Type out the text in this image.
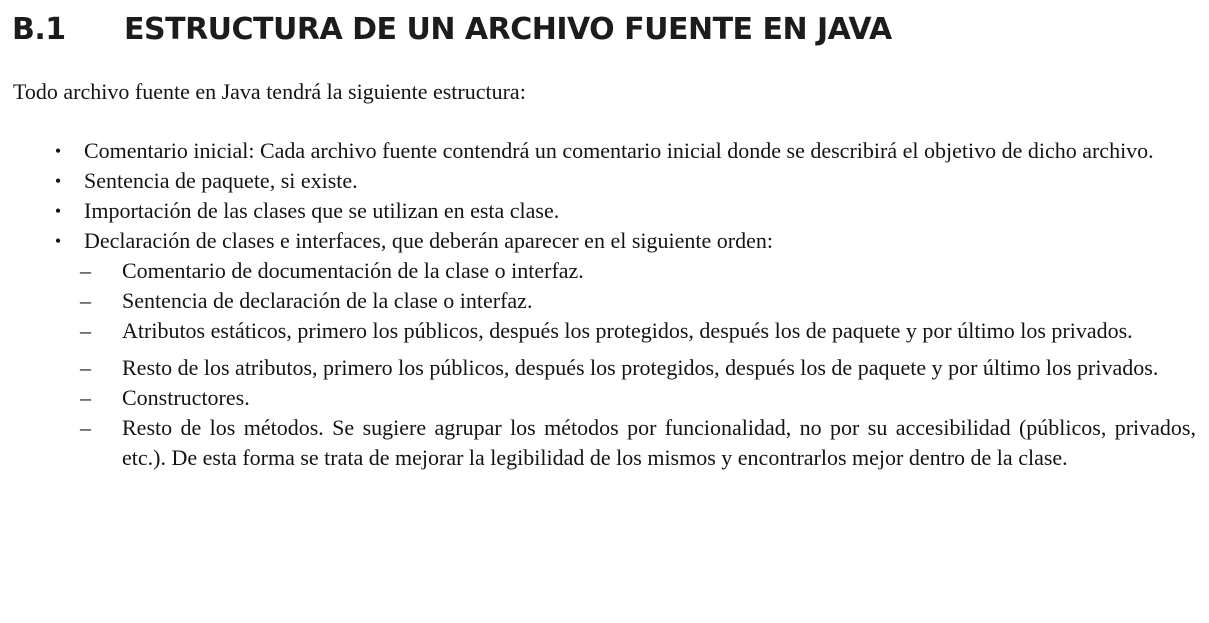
B.1 ESTRUCTURA DE UN ARCHIVO FUENTE EN JAVA
Todo archivo fuente en Java tendrá la siguiente estructura:
• Comentario inicial: Cada archivo fuente contendrá un comentario inicial donde se describirá el objetivo de dicho archivo.
• Sentencia de paquete, si existe.
• Importación de las clases que se utilizan en esta clase.
• Declaración de clases e interfaces, que deberán aparecer en el siguiente orden:
– Comentario de documentación de la clase o interfaz.
– Sentencia de declaración de la clase o interfaz.
– Atributos estáticos, primero los públicos, después los protegidos, después los de paquete y por último los privados.
– Resto de los atributos, primero los públicos, después los protegidos, después los de paquete y por último los privados.
– Constructores.
– Resto de los métodos. Se sugiere agrupar los métodos por funcionalidad, no por su accesibilidad (públicos, privados, etc.). De esta forma se trata de mejorar la legibilidad de los mismos y encontrarlos mejor dentro de la clase.
